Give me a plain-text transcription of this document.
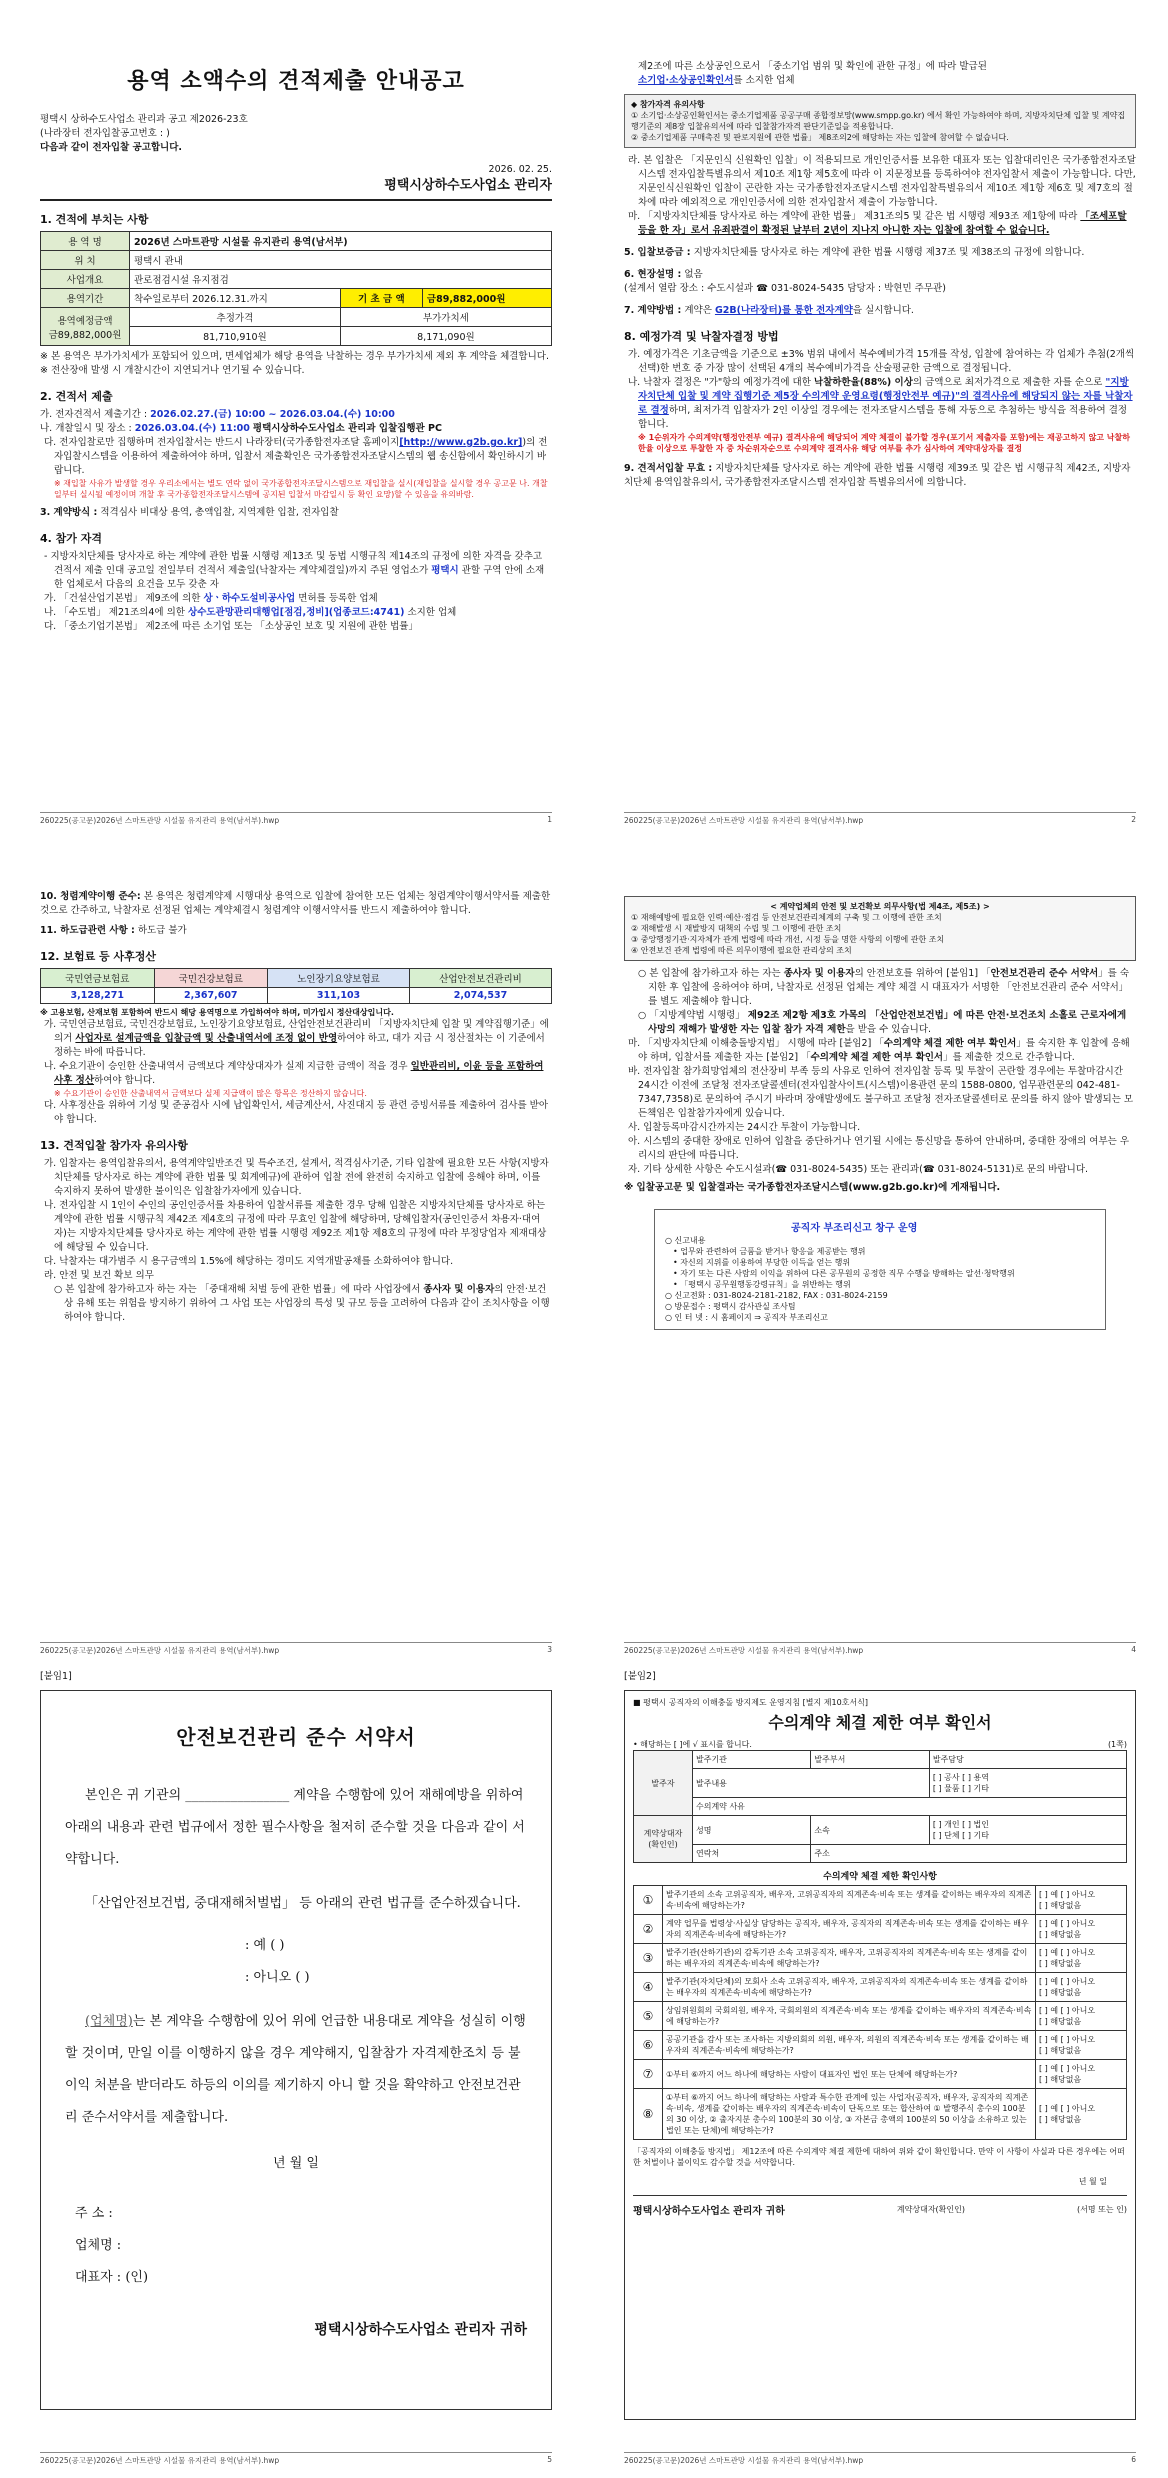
용역 소액수의 견적제출 안내공고

평택시 상하수도사업소 관리과 공고 제2026-23호

(나라장터 전자입찰공고번호 : )

다음과 같이 전자입찰 공고합니다.

2026. 02. 25.

평택시상하수도사업소 관리자

1. 견적에 부치는 사항
용 역 명	2026년 스마트관망 시설물 유지관리 용역(남서부)		
위 치	평택시 관내		
사업개요	관로점검시설 유지점검		
용역기간	착수일로부터 2026.12.31.까지	기 초 금 액	금89,882,000원

용역예정금액
금89,882,000원	추정가격	부가가치세	
	81,710,910원	8,171,090원	

※ 본 용역은 부가가치세가 포함되어 있으며, 면세업체가 해당 용역을 낙찰하는 경우 부가가치세 제외 후 계약을 체결합니다.

※ 전산장애 발생 시 개찰시간이 지연되거나 연기될 수 있습니다.

2. 견적서 제출

가. 전자견적서 제출기간 : 2026.02.27.(금) 10:00 ~ 2026.03.04.(수) 10:00

나. 개찰일시 및 장소 : 2026.03.04.(수) 11:00 평택시상하수도사업소 관리과 입찰집행관 PC

다. 전자입찰로만 집행하며 전자입찰서는 반드시 나라장터(국가종합전자조달 홈페이지[http://www.g2b.go.kr])의 전자입찰시스템을 이용하여 제출하여야 하며, 입찰서 제출확인은 국가종합전자조달시스템의 웹 송신함에서 확인하시기 바랍니다.

※ 재입찰 사유가 발생할 경우 우리소에서는 별도 연락 없이 국가종합전자조달시스템으로 재입찰을 실시(재입찰을 실시할 경우 공고문 나. 개찰 일부터 실시될 예정이며 개찰 후 국가종합전자조달시스템에 공지된 입찰서 마감일시 등 확인 요망)할 수 있음을 유의바람.

3. 계약방식 : 적격심사 비대상 용역, 총액입찰, 지역제한 입찰, 전자입찰

4. 참가 자격

- 지방자치단체를 당사자로 하는 계약에 관한 법률 시행령 제13조 및 동법 시행규칙 제14조의 규정에 의한 자격을 갖추고 견적서 제출 인대 공고일 전일부터 견적서 제출일(낙찰자는 계약체결일)까지 주된 영업소가 평택시 관할 구역 안에 소재한 업체로서 다음의 요건을 모두 갖춘 자

가. 「건설산업기본법」 제9조에 의한 상ㆍ하수도설비공사업 면허를 등록한 업체

나. 「수도법」 제21조의4에 의한 상수도관망관리대행업[점검,정비](업종코드:4741) 소지한 업체

다. 「중소기업기본법」 제2조에 따른 소기업 또는 「소상공인 보호 및 지원에 관한 법률」

260225(공고문)2026년 스마트관망 시설물 유지관리 용역(남서부).hwp	1

제2조에 따른 소상공인으로서 「중소기업 범위 및 확인에 관한 규정」에 따라 발급된
소기업·소상공인확인서를 소지한 업체

◆ 참가자격 유의사항
① 소기업·소상공인확인서는 중소기업제품 공공구매 종합정보망(www.smpp.go.kr) 에서 확인 가능하여야 하며, 지방자치단체 입찰 및 계약집행기준의 제8장 입찰유의서에 따라 입찰참가자격 판단기준일을 적용합니다.
② 중소기업제품 구매촉진 및 판로지원에 관한 법률」 제8조의2에 해당하는 자는 입찰에 참여할 수 없습니다.

라. 본 입찰은 「지문인식 신원확인 입찰」이 적용되므로 개인인증서를 보유한 대표자 또는 입찰대리인은 국가종합전자조달시스템 전자입찰특별유의서 제10조 제1항 제5호에 따라 이 지문정보를 등록하여야 전자입찰서 제출이 가능합니다. 다만, 지문인식신원확인 입찰이 곤란한 자는 국가종합전자조달시스템 전자입찰특별유의서 제10조 제1항 제6호 및 제7호의 절차에 따라 예외적으로 개인인증서에 의한 전자입찰서 제출이 가능합니다.

마. 「지방자치단체를 당사자로 하는 계약에 관한 법률」 제31조의5 및 같은 법 시행령 제93조 제1항에 따라 「조세포탈 등을 한 자」로서 유죄판결이 확정된 날부터 2년이 지나지 아니한 자는 입찰에 참여할 수 없습니다.

5. 입찰보증금 : 지방자치단체를 당사자로 하는 계약에 관한 법률 시행령 제37조 및 제38조의 규정에 의합니다.

6. 현장설명 : 없음

(설계서 열람 장소 : 수도시설과 ☎ 031-8024-5435 담당자 : 박현민 주무관)

7. 계약방법 : 계약은 G2B(나라장터)를 통한 전자계약을 실시합니다.

8. 예정가격 및 낙찰자결정 방법

가. 예정가격은 기초금액을 기준으로 ±3% 범위 내에서 복수예비가격 15개를 작성, 입찰에 참여하는 각 업체가 추첨(2개씩 선택)한 번호 중 가장 많이 선택된 4개의 복수예비가격을 산술평균한 금액으로 결정됩니다.

나. 낙찰자 결정은 "가"항의 예정가격에 대한 낙찰하한율(88%) 이상의 금액으로 최저가격으로 제출한 자를 순으로 "지방자치단체 입찰 및 계약 집행기준 제5장 수의계약 운영요령(행정안전부 예규)"의 결격사유에 해당되지 않는 자를 낙찰자로 결정하며, 최저가격 입찰자가 2인 이상일 경우에는 전자조달시스템을 통해 자동으로 추첨하는 방식을 적용하여 결정합니다.

※ 1순위자가 수의계약(행정안전부 예규) 결격사유에 해당되어 계약 체결이 불가할 경우(포기서 제출자를 포함)에는 재공고하지 않고 낙찰하한율 이상으로 투찰한 자 중 차순위자순으로 수의계약 결격사유 해당 여부를 추가 심사하여 계약대상자를 결정

9. 견적서입찰 무효 : 지방자치단체를 당사자로 하는 계약에 관한 법률 시행령 제39조 및 같은 법 시행규칙 제42조, 지방자치단체 용역입찰유의서, 국가종합전자조달시스템 전자입찰 특별유의서에 의합니다.

260225(공고문)2026년 스마트관망 시설물 유지관리 용역(남서부).hwp	2

10. 청렴계약이행 준수: 본 용역은 청렴계약제 시행대상 용역으로 입찰에 참여한 모든 업체는 청렴계약이행서약서를 제출한 것으로 간주하고, 낙찰자로 선정된 업체는 계약체결시 청렴계약 이행서약서를 반드시 제출하여야 합니다.

11. 하도급관련 사항 : 하도급 불가

12. 보험료 등 사후정산
국민연금보험료	국민건강보험료	노인장기요양보험료	산업안전보건관리비
3,128,271	2,367,607	311,103	2,074,537

※ 고용보험, 산재보험 포함하여 반드시 해당 용역명으로 가입하여야 하며, 미가입시 정산대상입니다.

가. 국민연금보험료, 국민건강보험료, 노인장기요양보험료, 산업안전보건관리비 「지방자치단체 입찰 및 계약집행기준」에 의거 사업자로 설계금액을 입찰금액 및 산출내역서에 조정 없이 반영하여야 하고, 대가 지급 시 정산절차는 이 기준에서 정하는 바에 따릅니다.

나. 수요기관이 승인한 산출내역서 금액보다 계약상대자가 실제 지급한 금액이 적을 경우 일반관리비, 이윤 등을 포함하여 사후 정산하여야 합니다.

※ 수요기관이 승인한 산출내역서 금액보다 실제 지급액이 많은 항목은 정산하지 않습니다.

다. 사후정산을 위하여 기성 및 준공검사 시에 납입확인서, 세금계산서, 사진대지 등 관련 증빙서류를 제출하여 검사를 받아야 합니다.

13. 견적입찰 참가자 유의사항

가. 입찰자는 용역입찰유의서, 용역계약일반조건 및 특수조건, 설계서, 적격심사기준, 기타 입찰에 필요한 모든 사항(지방자치단체를 당사자로 하는 계약에 관한 법률 및 회계예규)에 관하여 입찰 전에 완전히 숙지하고 입찰에 응해야 하며, 이를 숙지하지 못하여 발생한 불이익은 입찰참가자에게 있습니다.

나. 전자입찰 시 1인이 수인의 공인인증서를 차용하여 입찰서류를 제출한 경우 당해 입찰은 지방자치단체를 당사자로 하는 계약에 관한 법률 시행규칙 제42조 제4호의 규정에 따라 무효인 입찰에 해당하며, 당해입찰자(공인인증서 차용자·대여자)는 지방자치단체를 당사자로 하는 계약에 관한 법률 시행령 제92조 제1항 제8호의 규정에 따라 부정당업자 제재대상에 해당될 수 있습니다.

다. 낙찰자는 대가범주 시 용구금액의 1.5%에 해당하는 경미도 지역개발공채를 소화하여야 합니다.

라. 안전 및 보건 확보 의무

○ 본 입찰에 참가하고자 하는 자는 「중대재해 처벌 등에 관한 법률」에 따라 사업장에서 종사자 및 이용자의 안전·보건 상 유해 또는 위험을 방지하기 위하여 그 사업 또는 사업장의 특성 및 규모 등을 고려하여 다음과 같이 조치사항을 이행하여야 합니다.

260225(공고문)2026년 스마트관망 시설물 유지관리 용역(남서부).hwp	3
< 계약업체의 안전 및 보건확보 의무사항(법 제4조, 제5조) >
① 재해예방에 필요한 인력·예산·점검 등 안전보건관리체계의 구축 및 그 이행에 관한 조치
② 재해발생 시 재발방지 대책의 수립 및 그 이행에 관한 조치
③ 중앙행정기관·지자체가 관계 법령에 따라 개선, 시정 등을 명한 사항의 이행에 관한 조치
④ 안전보건 관계 법령에 따른 의무이행에 필요한 관리상의 조치

○ 본 입찰에 참가하고자 하는 자는 종사자 및 이용자의 안전보호를 위하여 [붙임1] 「안전보건관리 준수 서약서」를 숙지한 후 입찰에 응하여야 하며, 낙찰자로 선정된 업체는 계약 체결 시 대표자가 서명한 「안전보건관리 준수 서약서」를 별도 제출해야 합니다.

○ 「지방계약법 시행령」 제92조 제2항 제3호 가목의 「산업안전보건법」에 따른 안전·보건조치 소홀로 근로자에게 사망의 재해가 발생한 자는 입찰 참가 자격 제한을 받을 수 있습니다.

마. 「지방자치단체 이해충돌방지법」 시행에 따라 [붙임2] 「수의계약 체결 제한 여부 확인서」를 숙지한 후 입찰에 응해야 하며, 입찰서를 제출한 자는 [붙임2] 「수의계약 체결 제한 여부 확인서」를 제출한 것으로 간주합니다.

바. 전자입찰 참가희망업체의 전산장비 부족 등의 사유로 인하여 전자입찰 등록 및 투찰이 곤란할 경우에는 투찰마감시간 24시간 이전에 조달청 전자조달콜센터(전자입찰사이트(시스템)이용관련 문의 1588-0800, 업무관련문의 042-481-7347,7358)로 문의하여 주시기 바라며 장애발생에도 불구하고 조달청 전자조달콜센터로 문의를 하지 않아 발생되는 모든책임은 입찰참가자에게 있습니다.

사. 입찰등록마감시간까지는 24시간 투찰이 가능합니다.

아. 시스템의 중대한 장애로 인하여 입찰을 중단하거나 연기될 시에는 통신망을 통하여 안내하며, 중대한 장애의 여부는 우리시의 판단에 따릅니다.

자. 기타 상세한 사항은 수도시설과(☎ 031-8024-5435) 또는 관리과(☎ 031-8024-5131)로 문의 바랍니다.

※ 입찰공고문 및 입찰결과는 국가종합전자조달시스템(www.g2b.go.kr)에 게재됩니다.

공직자 부조리신고 창구 운영
○ 신고내용
• 업무와 관련하여 금품을 받거나 향응을 제공받는 행위
• 자신의 지위를 이용하여 부당한 이득을 얻는 행위
• 자기 또는 다른 사람의 이익을 위하여 다른 공무원의 공정한 직무 수행을 방해하는 알선·청탁행위
• 「평택시 공무원행동강령규칙」을 위반하는 행위
○ 신고전화 : 031-8024-2181-2182, FAX : 031-8024-2159
○ 방문접수 : 평택시 감사관실 조사팀
○ 인 터 넷 : 시 홈페이지 ⇒ 공직자 부조리신고
260225(공고문)2026년 스마트관망 시설물 유지관리 용역(남서부).hwp	4
[붙임1]
안전보건관리 준수 서약서

본인은 귀 기관의 ________________ 계약을 수행함에 있어 재해예방을 위하여 아래의 내용과 관련 법규에서 정한 필수사항을 철저히 준수할 것을 다음과 같이 서약합니다.

「산업안전보건법, 중대재해처벌법」 등 아래의 관련 법규를 준수하겠습니다.

: 예 ( )

: 아니오 ( )

(업체명)는 본 계약을 수행함에 있어 위에 언급한 내용대로 계약을 성실히 이행할 것이며, 만일 이를 이행하지 않을 경우 계약해지, 입찰참가 자격제한조치 등 불이익 처분을 받더라도 하등의 이의를 제기하지 아니 할 것을 확약하고 안전보건관리 준수서약서를 제출합니다.

년 월 일

주 소 :

업체명 :

대표자 : (인)

평택시상하수도사업소 관리자 귀하

260225(공고문)2026년 스마트관망 시설물 유지관리 용역(남서부).hwp	5
[붙임2]
■ 평택시 공직자의 이해충돌 방지제도 운영지침 [별지 제10호서식]
수의계약 체결 제한 여부 확인서
• 해당하는 [ ]에 √ 표시를 합니다.	(1쪽)
발주자	발주기관	발주부서	발주담당
	발주내용		[ ] 공사 [ ] 용역
[ ] 물품 [ ] 기타

	수의계약 사유		
계약상대자 (확인인)	성명	소속	[ ] 개인 [ ] 법인
[ ] 단체 [ ] 기타

	연락처	주소	
수의계약 체결 제한 확인사항
①	발주기관의 소속 고위공직자, 배우자, 고위공직자의 직계존속·비속 또는 생계를 같이하는 배우자의 직계존속·비속에 해당하는가?	[ ] 예 [ ] 아니오
[ ] 해당없음

②	계약 업무를 법령상·사실상 담당하는 공직자, 배우자, 공직자의 직계존속·비속 또는 생계를 같이하는 배우자의 직계존속·비속에 해당하는가?	[ ] 예 [ ] 아니오
[ ] 해당없음

③	발주기관(산하기관)의 감독기관 소속 고위공직자, 배우자, 고위공직자의 직계존속·비속 또는 생계를 같이하는 배우자의 직계존속·비속에 해당하는가?	[ ] 예 [ ] 아니오
[ ] 해당없음

④	발주기관(자치단체)의 모회사 소속 고위공직자, 배우자, 고위공직자의 직계존속·비속 또는 생계를 같이하는 배우자의 직계존속·비속에 해당하는가?	[ ] 예 [ ] 아니오
[ ] 해당없음

⑤	상임위원회의 국회의원, 배우자, 국회의원의 직계존속·비속 또는 생계를 같이하는 배우자의 직계존속·비속에 해당하는가?	[ ] 예 [ ] 아니오
[ ] 해당없음

⑥	공공기관을 감사 또는 조사하는 지방의회의 의원, 배우자, 의원의 직계존속·비속 또는 생계를 같이하는 배우자의 직계존속·비속에 해당하는가?	[ ] 예 [ ] 아니오
[ ] 해당없음

⑦	①부터 ⑥까지 어느 하나에 해당하는 사람이 대표자인 법인 또는 단체에 해당하는가?	[ ] 예 [ ] 아니오
[ ] 해당없음

⑧	①부터 ⑥까지 어느 하나에 해당하는 사람과 특수한 관계에 있는 사업자(공직자, 배우자, 공직자의 직계존속·비속, 생계를 같이하는 배우자의 직계존속·비속이 단독으로 또는 합산하여 ① 발행주식 총수의 100분의 30 이상, ② 출자지분 총수의 100분의 30 이상, ③ 자본금 총액의 100분의 50 이상을 소유하고 있는 법인 또는 단체)에 해당하는가?	[ ] 예 [ ] 아니오
[ ] 해당없음

「공직자의 이해충돌 방지법」 제12조에 따른 수의계약 체결 제한에 대하여 위와 같이 확인합니다. 만약 이 사항이 사실과 다른 경우에는 어떠한 처벌이나 불이익도 감수할 것을 서약합니다.

년 월 일

평택시상하수도사업소 관리자 귀하	계약상대자(확인인)	(서명 또는 인)
260225(공고문)2026년 스마트관망 시설물 유지관리 용역(남서부).hwp	6
